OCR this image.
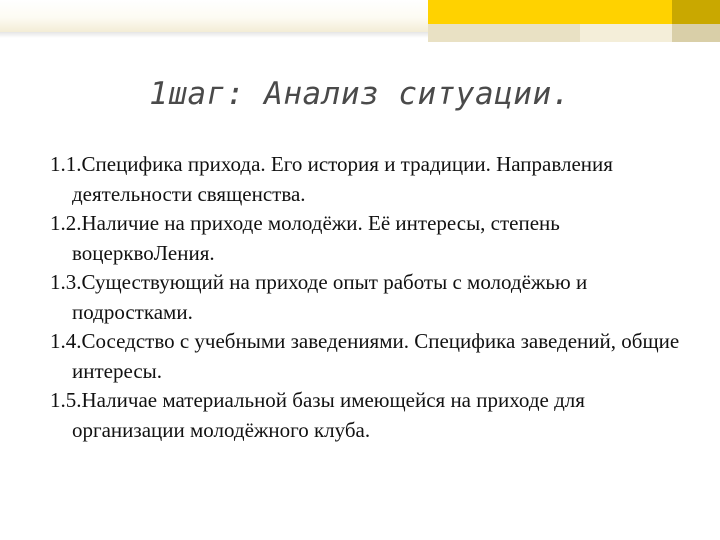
1шаг: Анализ ситуации.
1.1.Специфика прихода. Его история и традиции. Направления деятельности священства.
1.2.Наличие на приходе молодёжи. Её интересы, степень воцерквоЛения.
1.3.Существующий на приходе опыт работы с молодёжью и подростками.
1.4.Соседство с учебными заведениями. Специфика заведений, общие интересы.
1.5.Наличае материальной базы имеющейся на приходе для организации молодёжного клуба.
